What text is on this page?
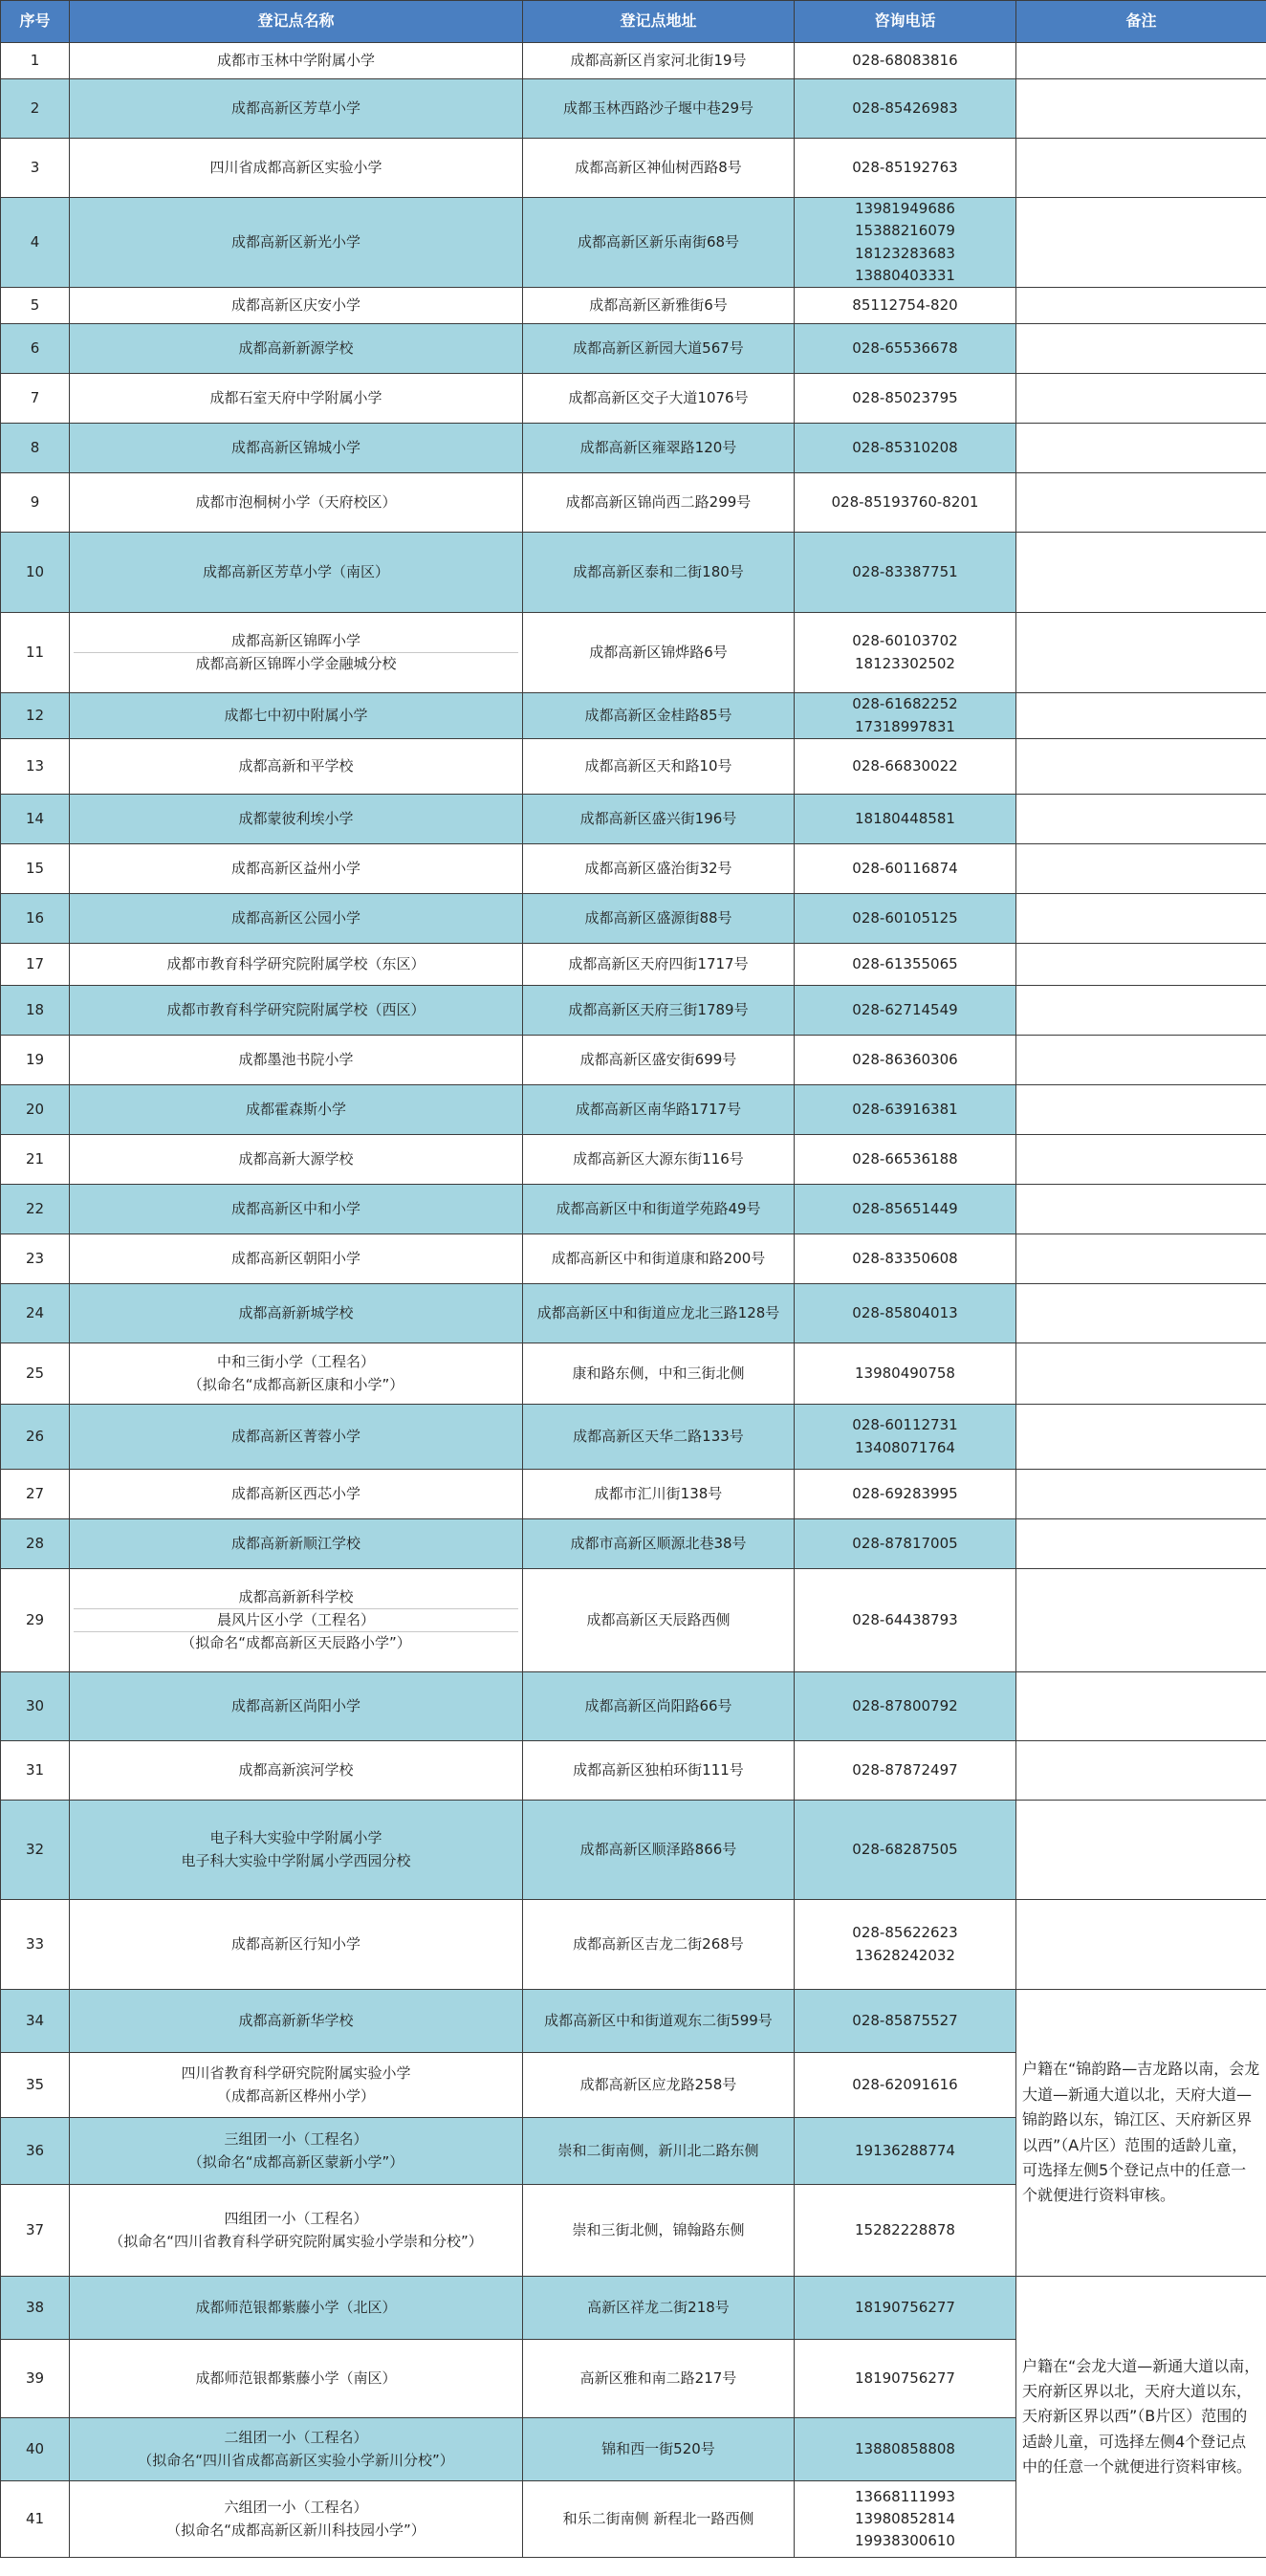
序号	登记点名称	登记点地址	咨询电话	备注
1	成都市玉林中学附属小学	成都高新区肖家河北街19号	028-68083816	

2	成都高新区芳草小学	成都玉林西路沙子堰中巷29号	028-85426983	

3	四川省成都高新区实验小学	成都高新区神仙树西路8号	028-85192763	

4	成都高新区新光小学	成都高新区新乐南街68号	13981949686
15388216079
18123283683
13880403331	

5	成都高新区庆安小学	成都高新区新雅街6号	85112754-820	

6	成都高新新源学校	成都高新区新园大道567号	028-65536678	

7	成都石室天府中学附属小学	成都高新区交子大道1076号	028-85023795	

8	成都高新区锦城小学	成都高新区雍翠路120号	028-85310208	

9	成都市泡桐树小学（天府校区）	成都高新区锦尚西二路299号	028-85193760-8201	

10	成都高新区芳草小学（南区）	成都高新区泰和二街180号	028-83387751	

11	成都高新区锦晖小学
成都高新区锦晖小学金融城分校	成都高新区锦烨路6号	028-60103702
18123302502	

12	成都七中初中附属小学	成都高新区金桂路85号	028-61682252
17318997831	

13	成都高新和平学校	成都高新区天和路10号	028-66830022	

14	成都蒙彼利埃小学	成都高新区盛兴街196号	18180448581	

15	成都高新区益州小学	成都高新区盛治街32号	028-60116874	

16	成都高新区公园小学	成都高新区盛源街88号	028-60105125	

17	成都市教育科学研究院附属学校（东区）	成都高新区天府四街1717号	028-61355065	

18	成都市教育科学研究院附属学校（西区）	成都高新区天府三街1789号	028-62714549	

19	成都墨池书院小学	成都高新区盛安街699号	028-86360306	

20	成都霍森斯小学	成都高新区南华路1717号	028-63916381	

21	成都高新大源学校	成都高新区大源东街116号	028-66536188	

22	成都高新区中和小学	成都高新区中和街道学苑路49号	028-85651449	

23	成都高新区朝阳小学	成都高新区中和街道康和路200号	028-83350608	

24	成都高新新城学校	成都高新区中和街道应龙北三路128号	028-85804013	

25	中和三街小学（工程名）
（拟命名“成都高新区康和小学”）	康和路东侧，中和三街北侧	13980490758	

26	成都高新区菁蓉小学	成都高新区天华二路133号	028-60112731
13408071764	

27	成都高新区西芯小学	成都市汇川街138号	028-69283995	

28	成都高新新顺江学校	成都市高新区顺源北巷38号	028-87817005	

29	成都高新新科学校
晨风片区小学（工程名）
（拟命名“成都高新区天辰路小学”）	成都高新区天辰路西侧	028-64438793	

30	成都高新区尚阳小学	成都高新区尚阳路66号	028-87800792	

31	成都高新滨河学校	成都高新区独柏环街111号	028-87872497	

32	电子科大实验中学附属小学
电子科大实验中学附属小学西园分校	成都高新区顺泽路866号	028-68287505	

33	成都高新区行知小学	成都高新区吉龙二街268号	028-85622623
13628242032	

34	成都高新新华学校	成都高新区中和街道观东二街599号	028-85875527	户籍在“锦韵路—吉龙路以南，会龙大道—新通大道以北，天府大道—锦韵路以东，锦江区、天府新区界以西”（A片区）范围的适龄儿童，可选择左侧5个登记点中的任意一个就便进行资料审核。
35	四川省教育科学研究院附属实验小学
（成都高新区桦州小学）	成都高新区应龙路258号	028-62091616	

36	三组团一小（工程名）
（拟命名“成都高新区蒙新小学”）	崇和二街南侧，新川北二路东侧	19136288774	

37	四组团一小（工程名）
（拟命名“四川省教育科学研究院附属实验小学崇和分校”）	崇和三街北侧，锦翰路东侧	15282228878	

38	成都师范银都紫藤小学（北区）	高新区祥龙二街218号	18190756277	户籍在“会龙大道—新通大道以南，天府新区界以北，天府大道以东，天府新区界以西”（B片区）范围的适龄儿童，可选择左侧4个登记点中的任意一个就便进行资料审核。
39	成都师范银都紫藤小学（南区）	高新区雅和南二路217号	18190756277	

40	二组团一小（工程名）
（拟命名“四川省成都高新区实验小学新川分校”）	锦和西一街520号	13880858808	

41	六组团一小（工程名）
（拟命名“成都高新区新川科技园小学”）	和乐二街南侧 新程北一路西侧	13668111993
13980852814
19938300610	
